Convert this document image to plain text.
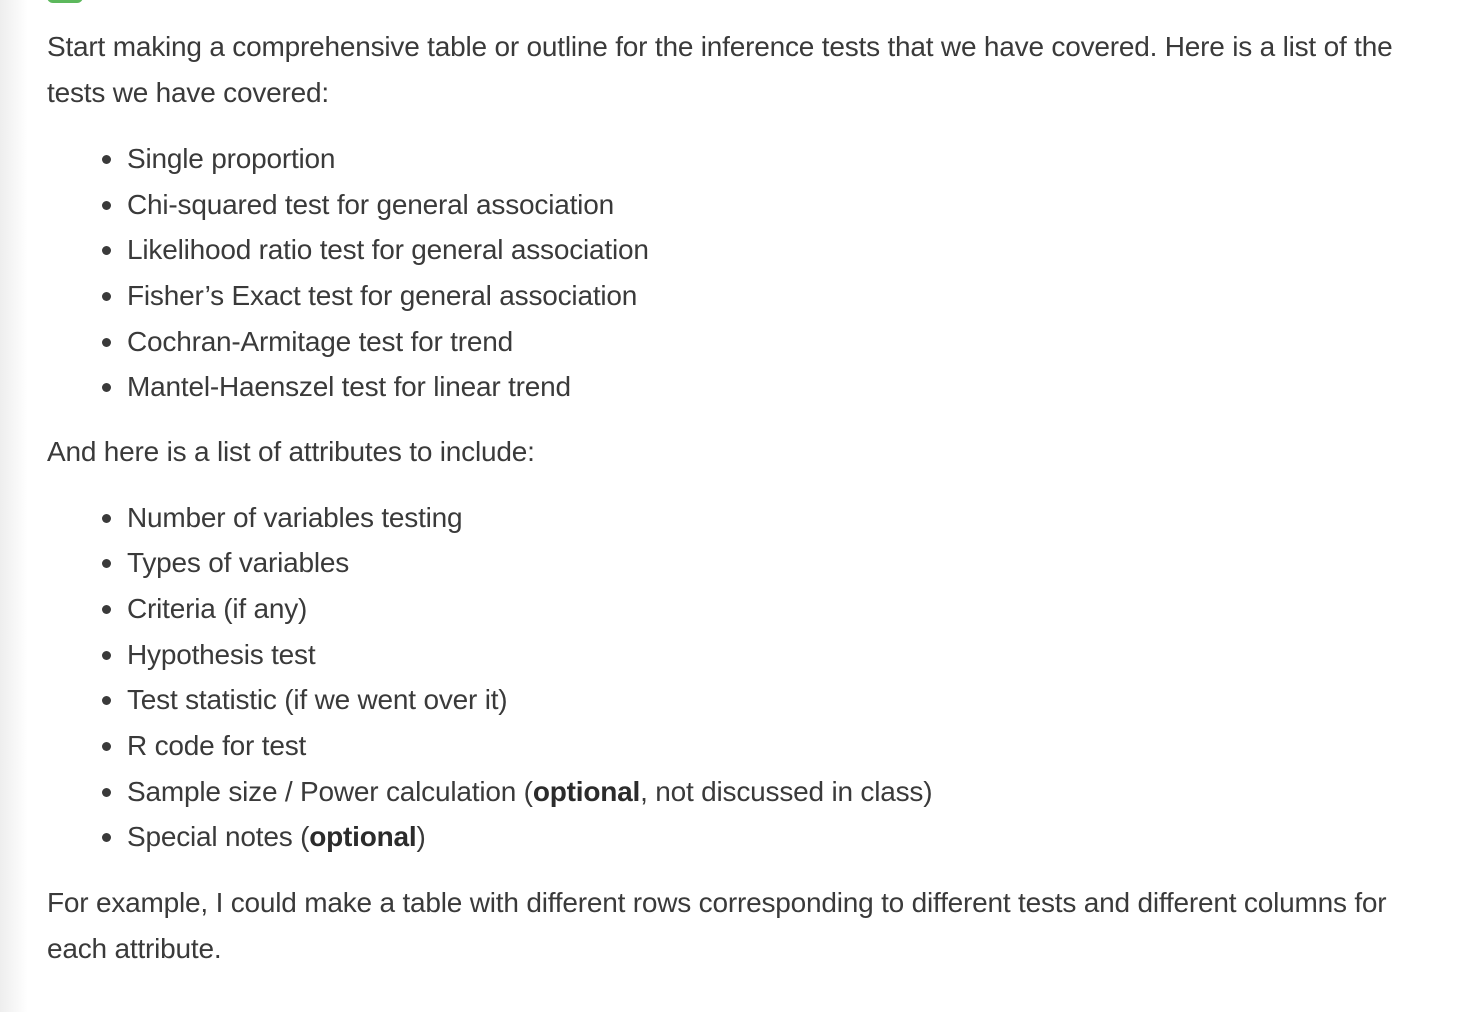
Start making a comprehensive table or outline for the inference tests that we have covered. Here is a list of the tests we have covered:

Single proportion
Chi-squared test for general association
Likelihood ratio test for general association
Fisher’s Exact test for general association
Cochran-Armitage test for trend
Mantel-Haenszel test for linear trend

And here is a list of attributes to include:

Number of variables testing
Types of variables
Criteria (if any)
Hypothesis test
Test statistic (if we went over it)
R code for test
Sample size / Power calculation (optional, not discussed in class)
Special notes (optional)

For example, I could make a table with different rows corresponding to different tests and different columns for each attribute.
